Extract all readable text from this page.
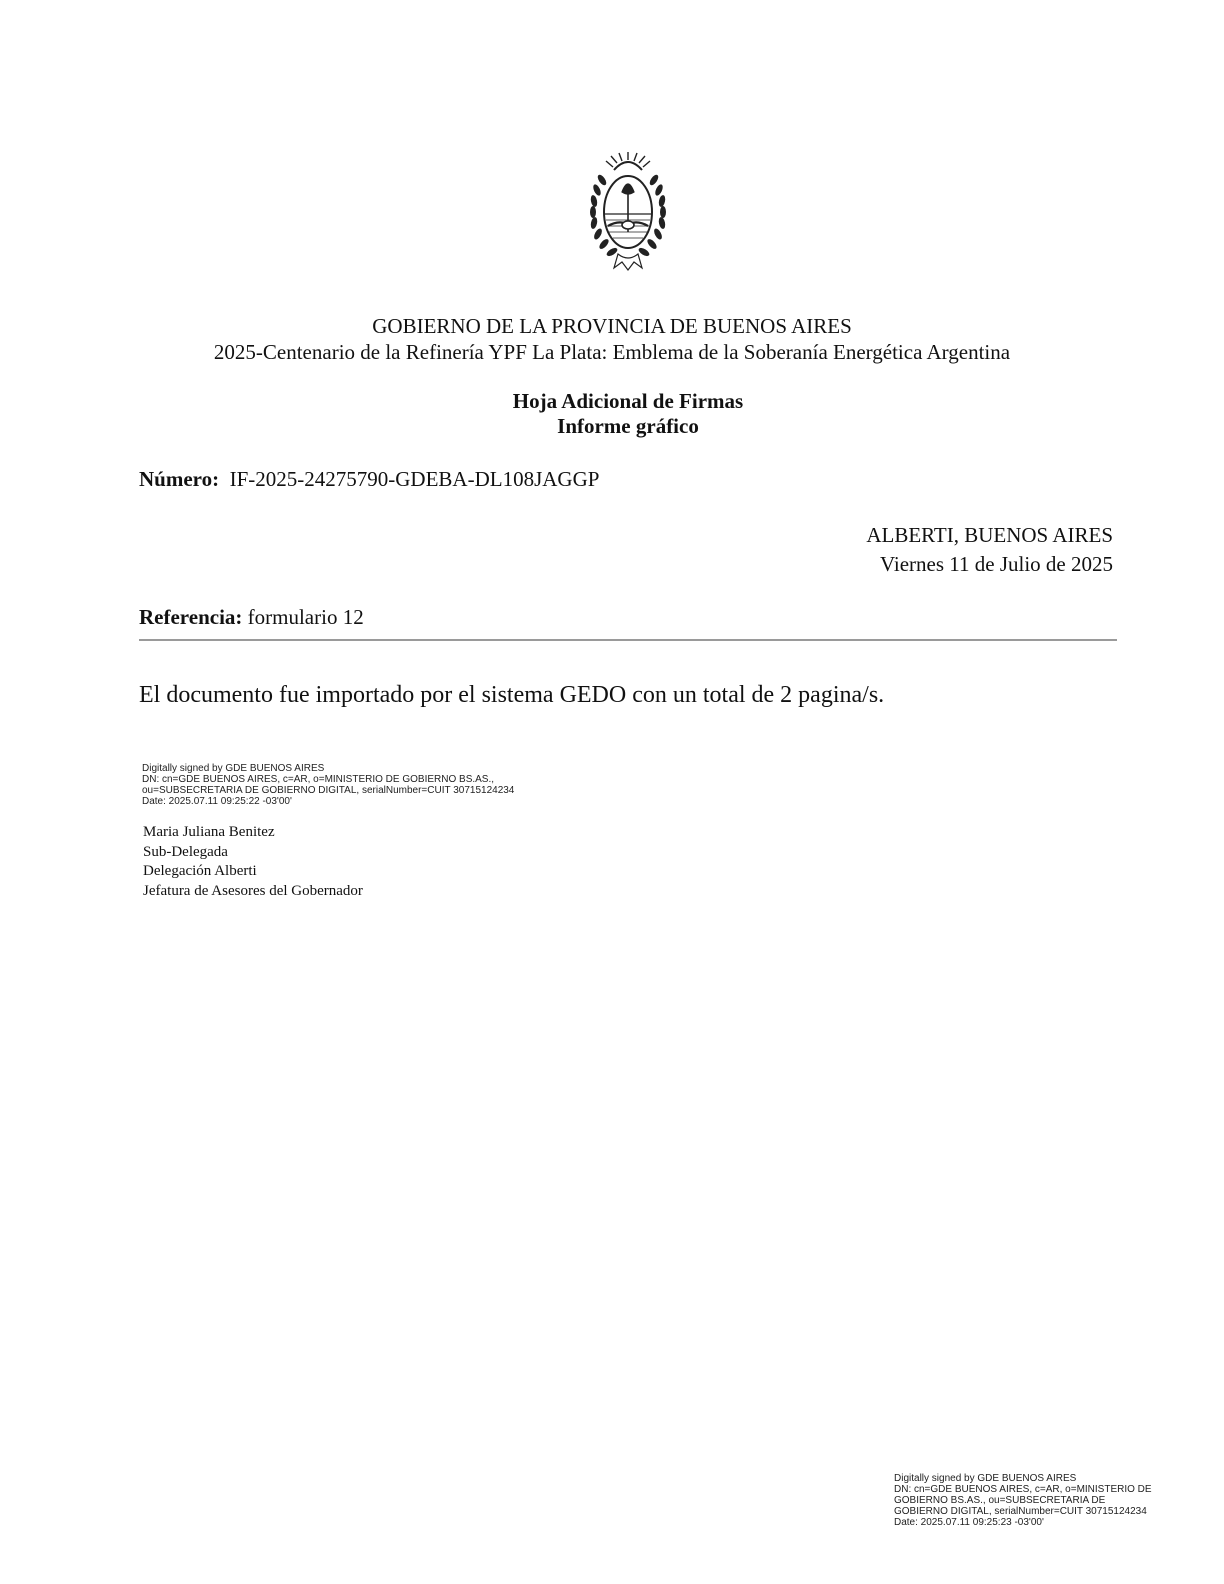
GOBIERNO DE LA PROVINCIA DE BUENOS AIRES
2025-Centenario de la Refinería YPF La Plata: Emblema de la Soberanía Energética Argentina
Hoja Adicional de Firmas
Informe gráfico
Número: IF-2025-24275790-GDEBA-DL108JAGGP
ALBERTI, BUENOS AIRES
Viernes 11 de Julio de 2025
Referencia: formulario 12
El documento fue importado por el sistema GEDO con un total de 2 pagina/s.
Digitally signed by GDE BUENOS AIRES
DN: cn=GDE BUENOS AIRES, c=AR, o=MINISTERIO DE GOBIERNO BS.AS.,
ou=SUBSECRETARIA DE GOBIERNO DIGITAL, serialNumber=CUIT 30715124234
Date: 2025.07.11 09:25:22 -03'00'
Maria Juliana Benitez
Sub-Delegada
Delegación Alberti
Jefatura de Asesores del Gobernador
Digitally signed by GDE BUENOS AIRES
DN: cn=GDE BUENOS AIRES, c=AR, o=MINISTERIO DE
GOBIERNO BS.AS., ou=SUBSECRETARIA DE
GOBIERNO DIGITAL, serialNumber=CUIT 30715124234
Date: 2025.07.11 09:25:23 -03'00'
